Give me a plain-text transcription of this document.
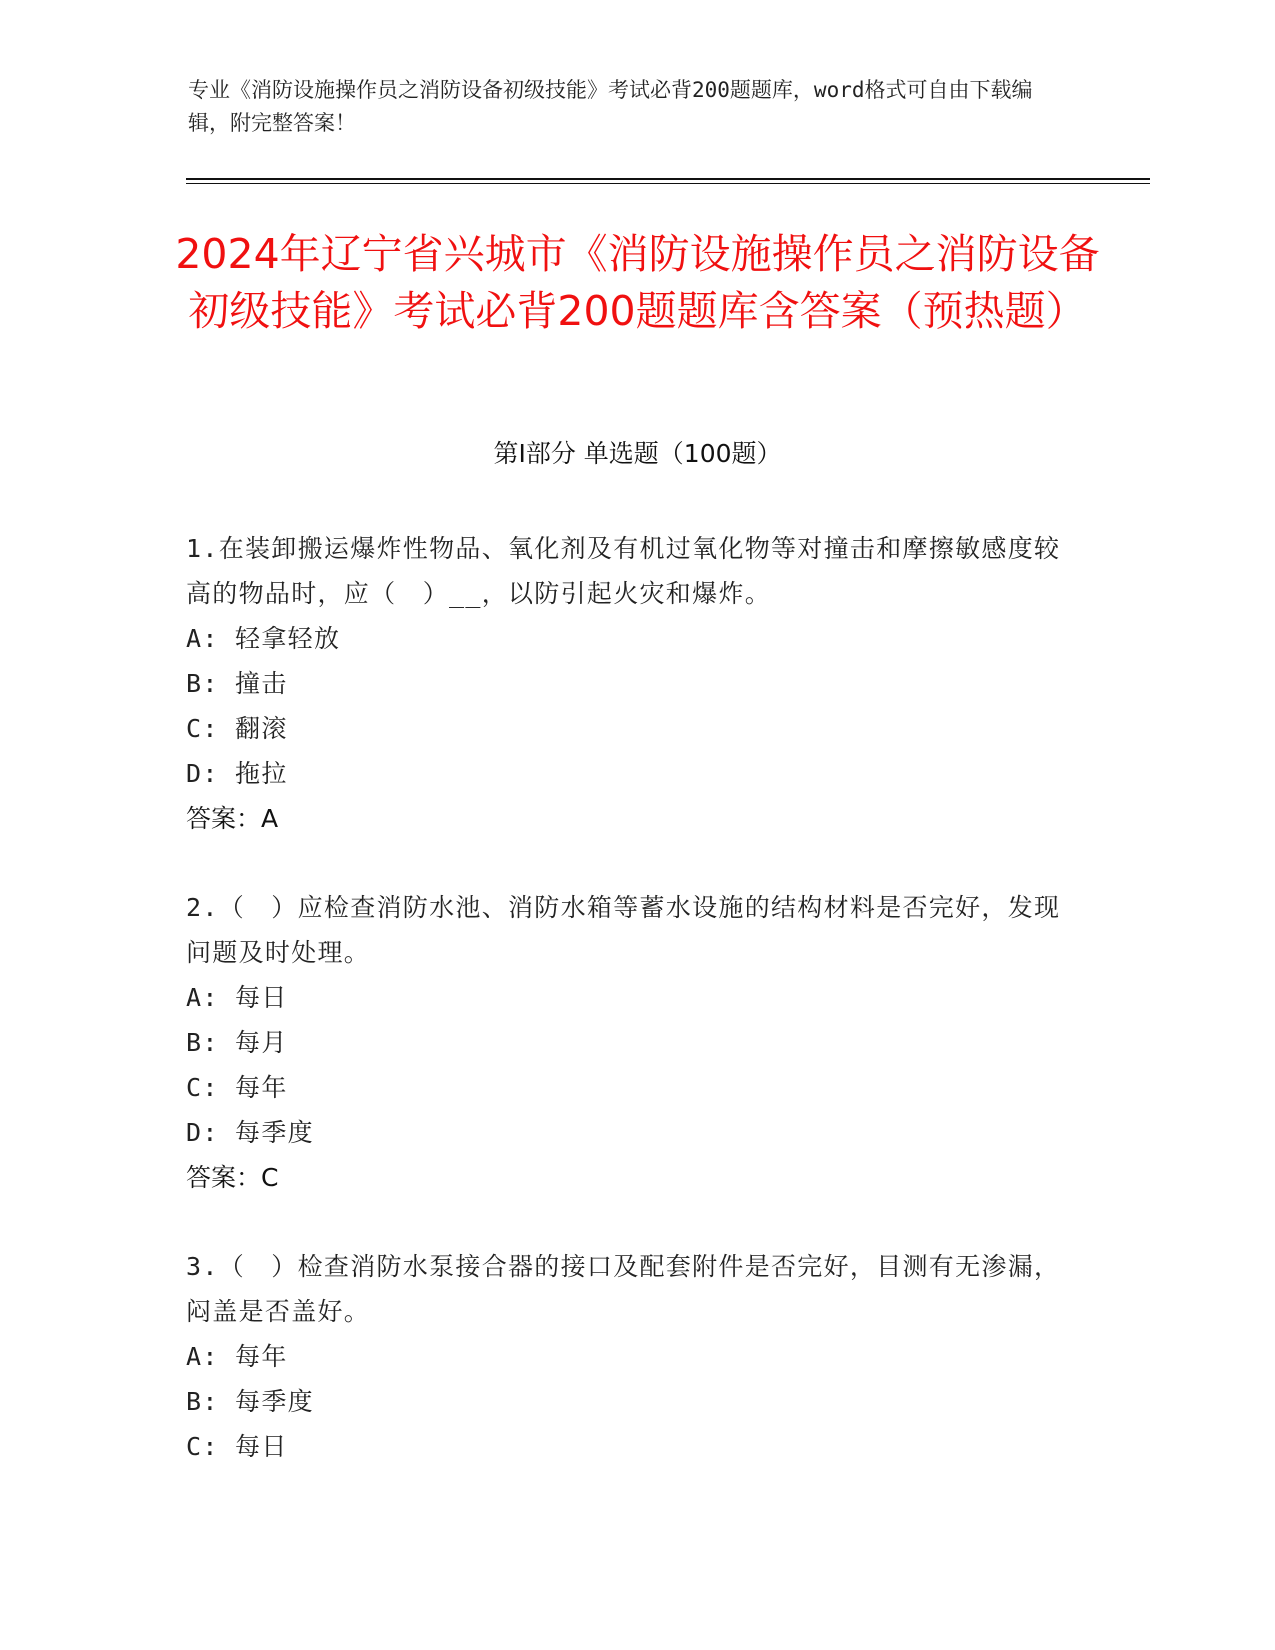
专业《消防设施操作员之消防设备初级技能》考试必背200题题库，word格式可自由下载编辑，附完整答案！
2024年辽宁省兴城市《消防设施操作员之消防设备初级技能》考试必背200题题库含答案（预热题）
第Ⅰ部分 单选题（100题）

1.在装卸搬运爆炸性物品、氧化剂及有机过氧化物等对撞击和摩擦敏感度较高的物品时，应（　）__，以防引起火灾和爆炸。

A: 轻拿轻放

B: 撞击

C: 翻滚

D: 拖拉

答案：A

2.（　）应检查消防水池、消防水箱等蓄水设施的结构材料是否完好，发现问题及时处理。

A: 每日

B: 每月

C: 每年

D: 每季度

答案：C

3.（　）检查消防水泵接合器的接口及配套附件是否完好，目测有无渗漏，闷盖是否盖好。

A: 每年

B: 每季度

C: 每日
